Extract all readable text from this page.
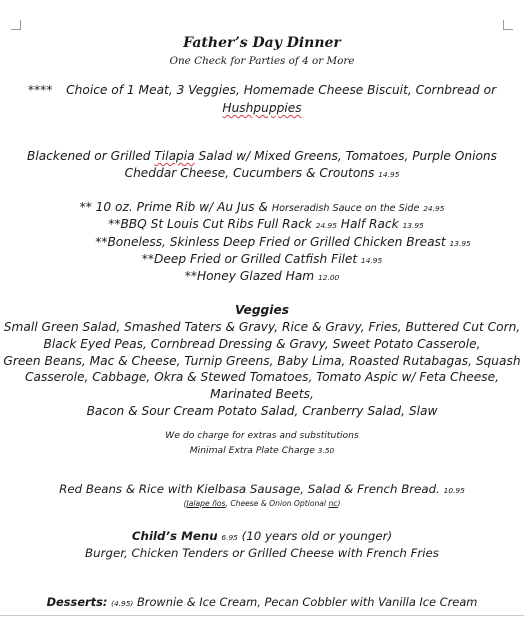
Father’s Day Dinner
One Check for Parties of 4 or More
**** Choice of 1 Meat, 3 Veggies, Homemade Cheese Biscuit, Cornbread or
Hushpuppies
Blackened or Grilled Tilapia Salad w/ Mixed Greens, Tomatoes, Purple Onions
Cheddar Cheese, Cucumbers & Croutons 14.95
** 10 oz. Prime Rib w/ Au Jus & Horseradish Sauce on the Side 24.95
**BBQ St Louis Cut Ribs Full Rack 24.95 Half Rack 13.95
**Boneless, Skinless Deep Fried or Grilled Chicken Breast 13.95
**Deep Fried or Grilled Catfish Filet 14.95
**Honey Glazed Ham 12.00
Veggies
Small Green Salad, Smashed Taters & Gravy, Rice & Gravy, Fries, Buttered Cut Corn,
Black Eyed Peas, Cornbread Dressing & Gravy, Sweet Potato Casserole,
Green Beans, Mac & Cheese, Turnip Greens, Baby Lima, Roasted Rutabagas, Squash
Casserole, Cabbage, Okra & Stewed Tomatoes, Tomato Aspic w/ Feta Cheese,
Marinated Beets,
Bacon & Sour Cream Potato Salad, Cranberry Salad, Slaw
We do charge for extras and substitutions
Minimal Extra Plate Charge 3.50
Red Beans & Rice with Kielbasa Sausage, Salad & French Bread. 10.95
(Jalape ños, Cheese & Onion Optional nc)
Child’s Menu 6.95 (10 years old or younger)
Burger, Chicken Tenders or Grilled Cheese with French Fries
Desserts: (4.95) Brownie & Ice Cream, Pecan Cobbler with Vanilla Ice Cream
